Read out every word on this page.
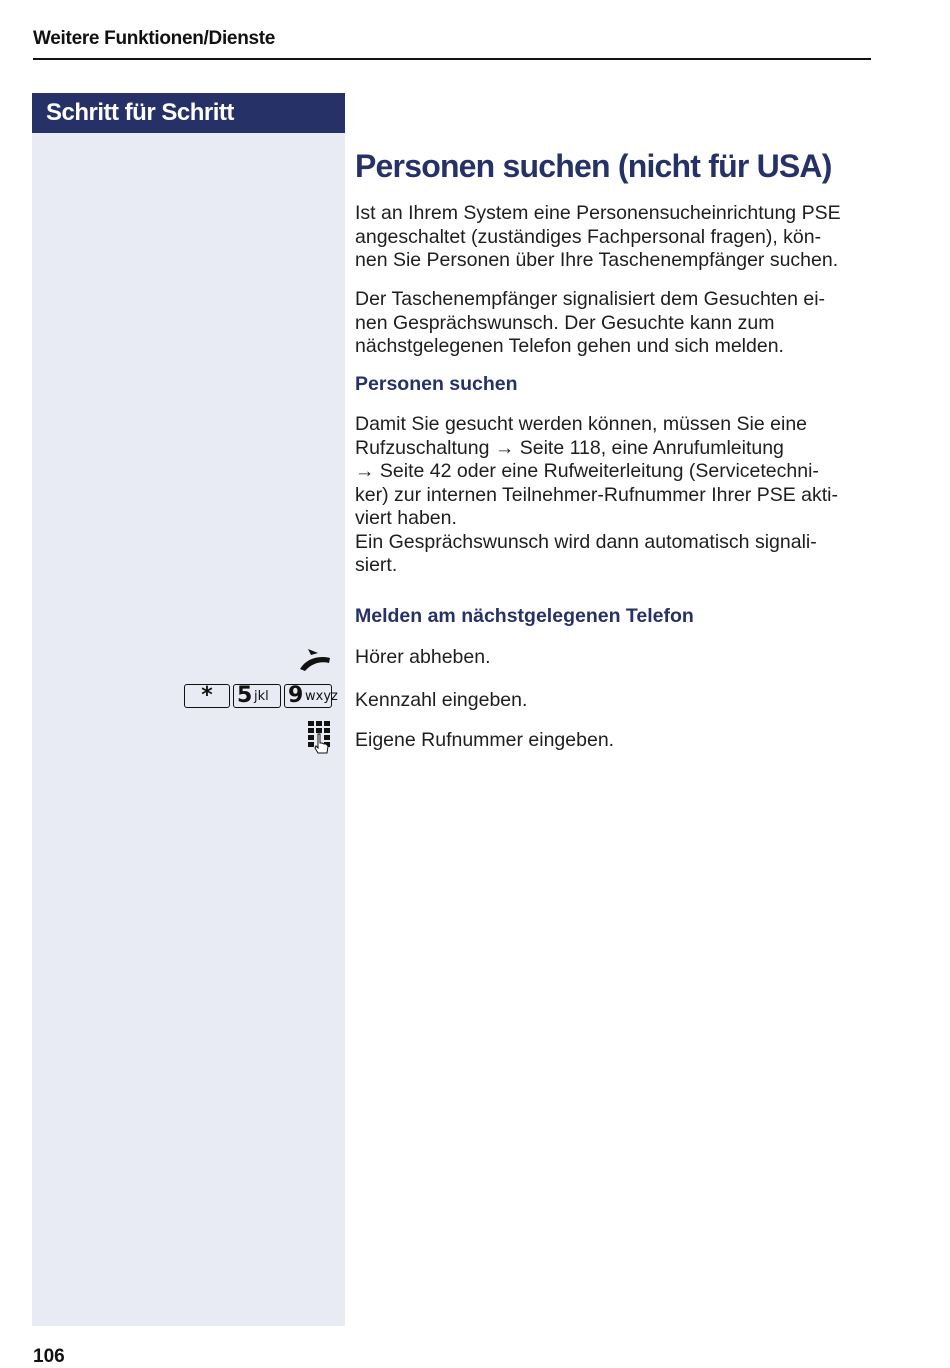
Weitere Funktionen/Dienste
Schritt für Schritt
Personen suchen (nicht für USA)
Ist an Ihrem System eine Personensucheinrichtung PSE
angeschaltet (zuständiges Fachpersonal fragen), kön-
nen Sie Personen über Ihre Taschenempfänger suchen.
Der Taschenempfänger signalisiert dem Gesuchten ei-
nen Gesprächswunsch. Der Gesuchte kann zum
nächstgelegenen Telefon gehen und sich melden.
Personen suchen
Damit Sie gesucht werden können, müssen Sie eine
Rufzuschaltung → Seite 118, eine Anrufumleitung
→ Seite 42 oder eine Rufweiterleitung (Servicetechni-
ker) zur internen Teilnehmer-Rufnummer Ihrer PSE akti-
viert haben.
Ein Gesprächswunsch wird dann automatisch signali-
siert.
Melden am nächstgelegenen Telefon
Hörer abheben.
* 5 jkl 9 wxyz Kennzahl eingeben.
Eigene Rufnummer eingeben.
106
